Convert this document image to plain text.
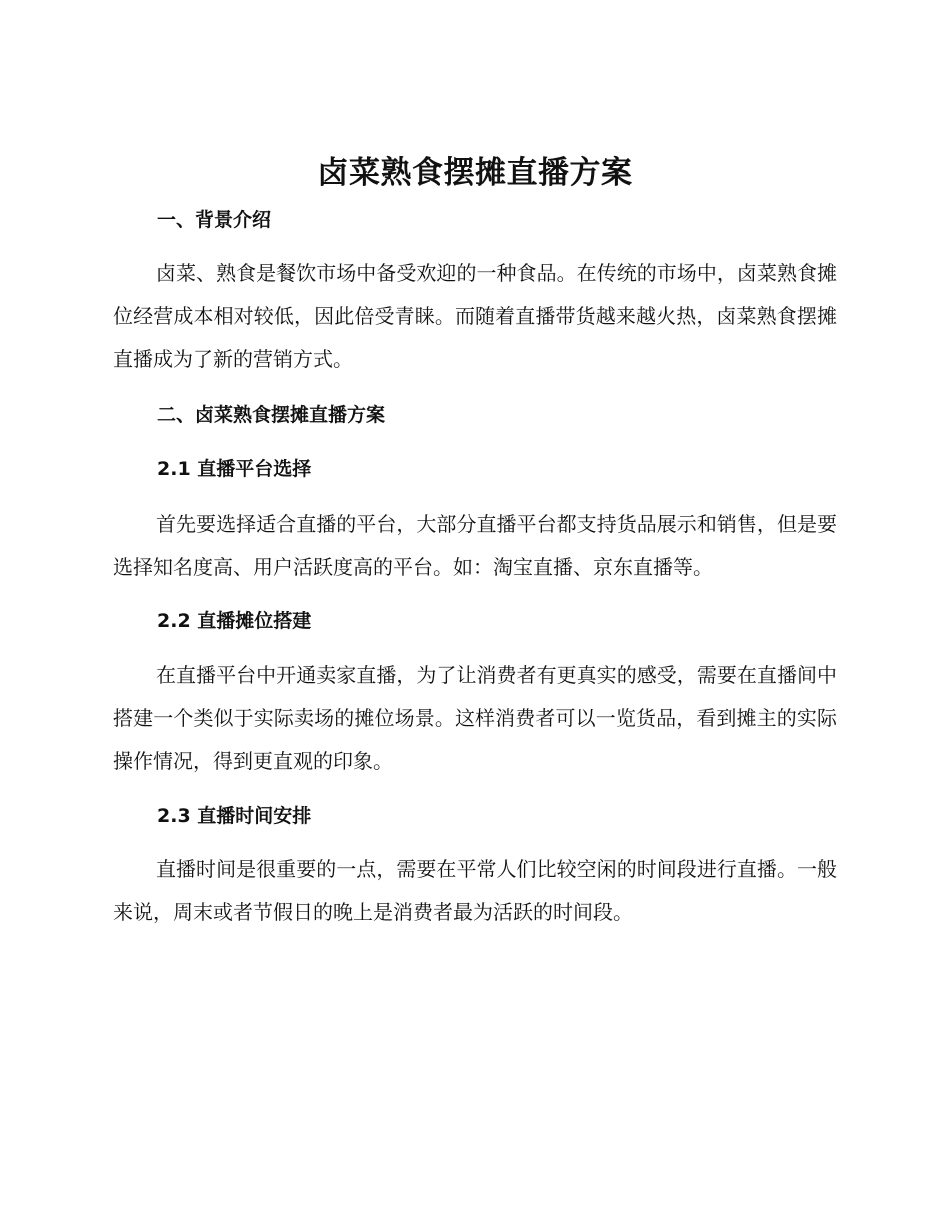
卤菜熟食摆摊直播方案
一、背景介绍

卤菜、熟食是餐饮市场中备受欢迎的一种食品。在传统的市场中，卤菜熟食摊位经营成本相对较低，因此倍受青睐。而随着直播带货越来越火热，卤菜熟食摆摊直播成为了新的营销方式。

二、卤菜熟食摆摊直播方案
2.1 直播平台选择

首先要选择适合直播的平台，大部分直播平台都支持货品展示和销售，但是要选择知名度高、用户活跃度高的平台。如：淘宝直播、京东直播等。

2.2 直播摊位搭建

在直播平台中开通卖家直播，为了让消费者有更真实的感受，需要在直播间中搭建一个类似于实际卖场的摊位场景。这样消费者可以一览货品，看到摊主的实际操作情况，得到更直观的印象。

2.3 直播时间安排

直播时间是很重要的一点，需要在平常人们比较空闲的时间段进行直播。一般来说，周末或者节假日的晚上是消费者最为活跃的时间段。
